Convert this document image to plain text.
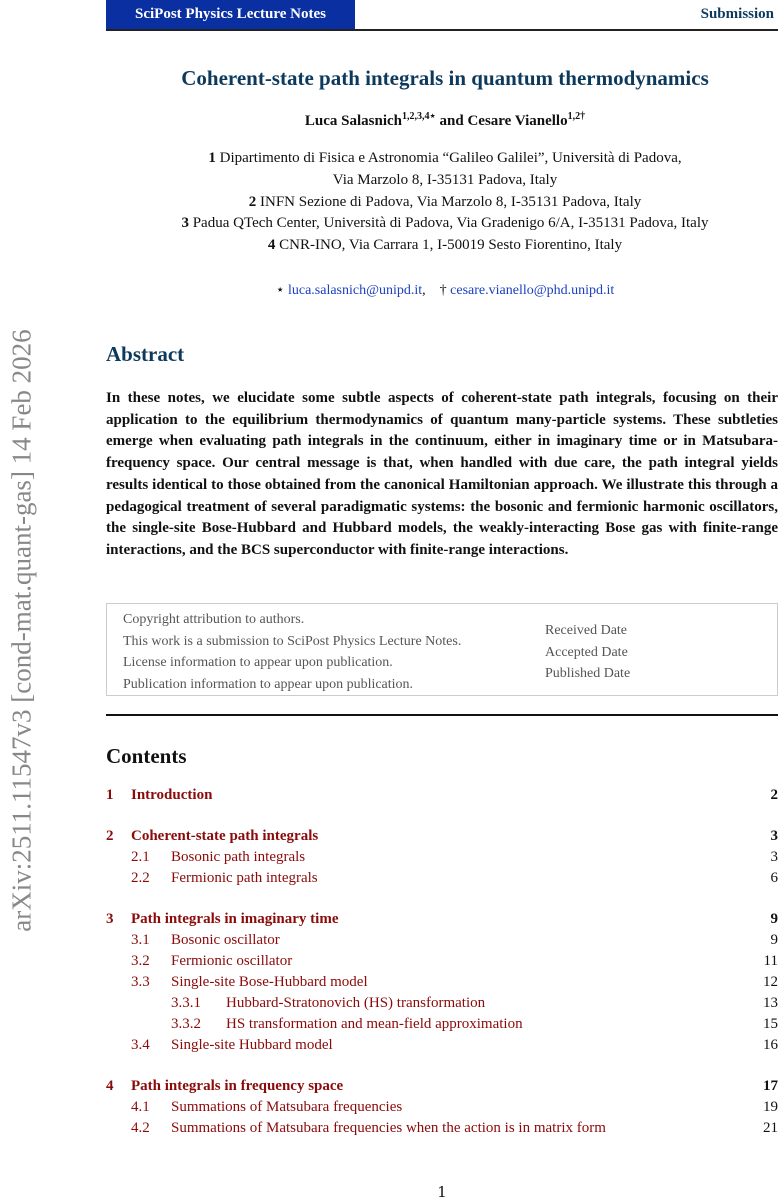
SciPost Physics Lecture Notes	Submission
arXiv:2511.11547v3 [cond-mat.quant-gas] 14 Feb 2026
Coherent-state path integrals in quantum thermodynamics
Luca Salasnich$^{1,2,3,4⋆}$ and Cesare Vianello$^{1,2\dagger}$
1 Dipartimento di Fisica e Astronomia “Galileo Galilei”, Università di Padova,
Via Marzolo 8, I-35131 Padova, Italy
2 INFN Sezione di Padova, Via Marzolo 8, I-35131 Padova, Italy
3 Padua QTech Center, Università di Padova, Via Gradenigo 6/A, I-35131 Padova, Italy
4 CNR-INO, Via Carrara 1, I-50019 Sesto Fiorentino, Italy
⋆ luca.salasnich@unipd.it,    † cesare.vianello@phd.unipd.it
Abstract

In these notes, we elucidate some subtle aspects of coherent-state path integrals, focusing on their application to the equilibrium thermodynamics of quantum many-particle systems. These subtleties emerge when evaluating path integrals in the continuum, either in imaginary time or in Matsubara-frequency space. Our central message is that, when handled with due care, the path integral yields results identical to those obtained from the canonical Hamiltonian approach. We illustrate this through a pedagogical treatment of several paradigmatic systems: the bosonic and fermionic harmonic oscillators, the single-site Bose-Hubbard and Hubbard models, the weakly-interacting Bose gas with finite-range interactions, and the BCS superconductor with finite-range interactions.

Copyright attribution to authors.
This work is a submission to SciPost Physics Lecture Notes.
License information to appear upon publication.
Publication information to appear upon publication.
Received Date
Accepted Date
Published Date
Contents
1 Introduction	2
2 Coherent-state path integrals	3
2.1 Bosonic path integrals	3
2.2 Fermionic path integrals	6
3 Path integrals in imaginary time	9
3.1 Bosonic oscillator	9
3.2 Fermionic oscillator	11
3.3 Single-site Bose-Hubbard model	12
3.3.1 Hubbard-Stratonovich (HS) transformation	13
3.3.2 HS transformation and mean-field approximation	15
3.4 Single-site Hubbard model	16
4 Path integrals in frequency space	17
4.1 Summations of Matsubara frequencies	19
4.2 Summations of Matsubara frequencies when the action is in matrix form	21
1
